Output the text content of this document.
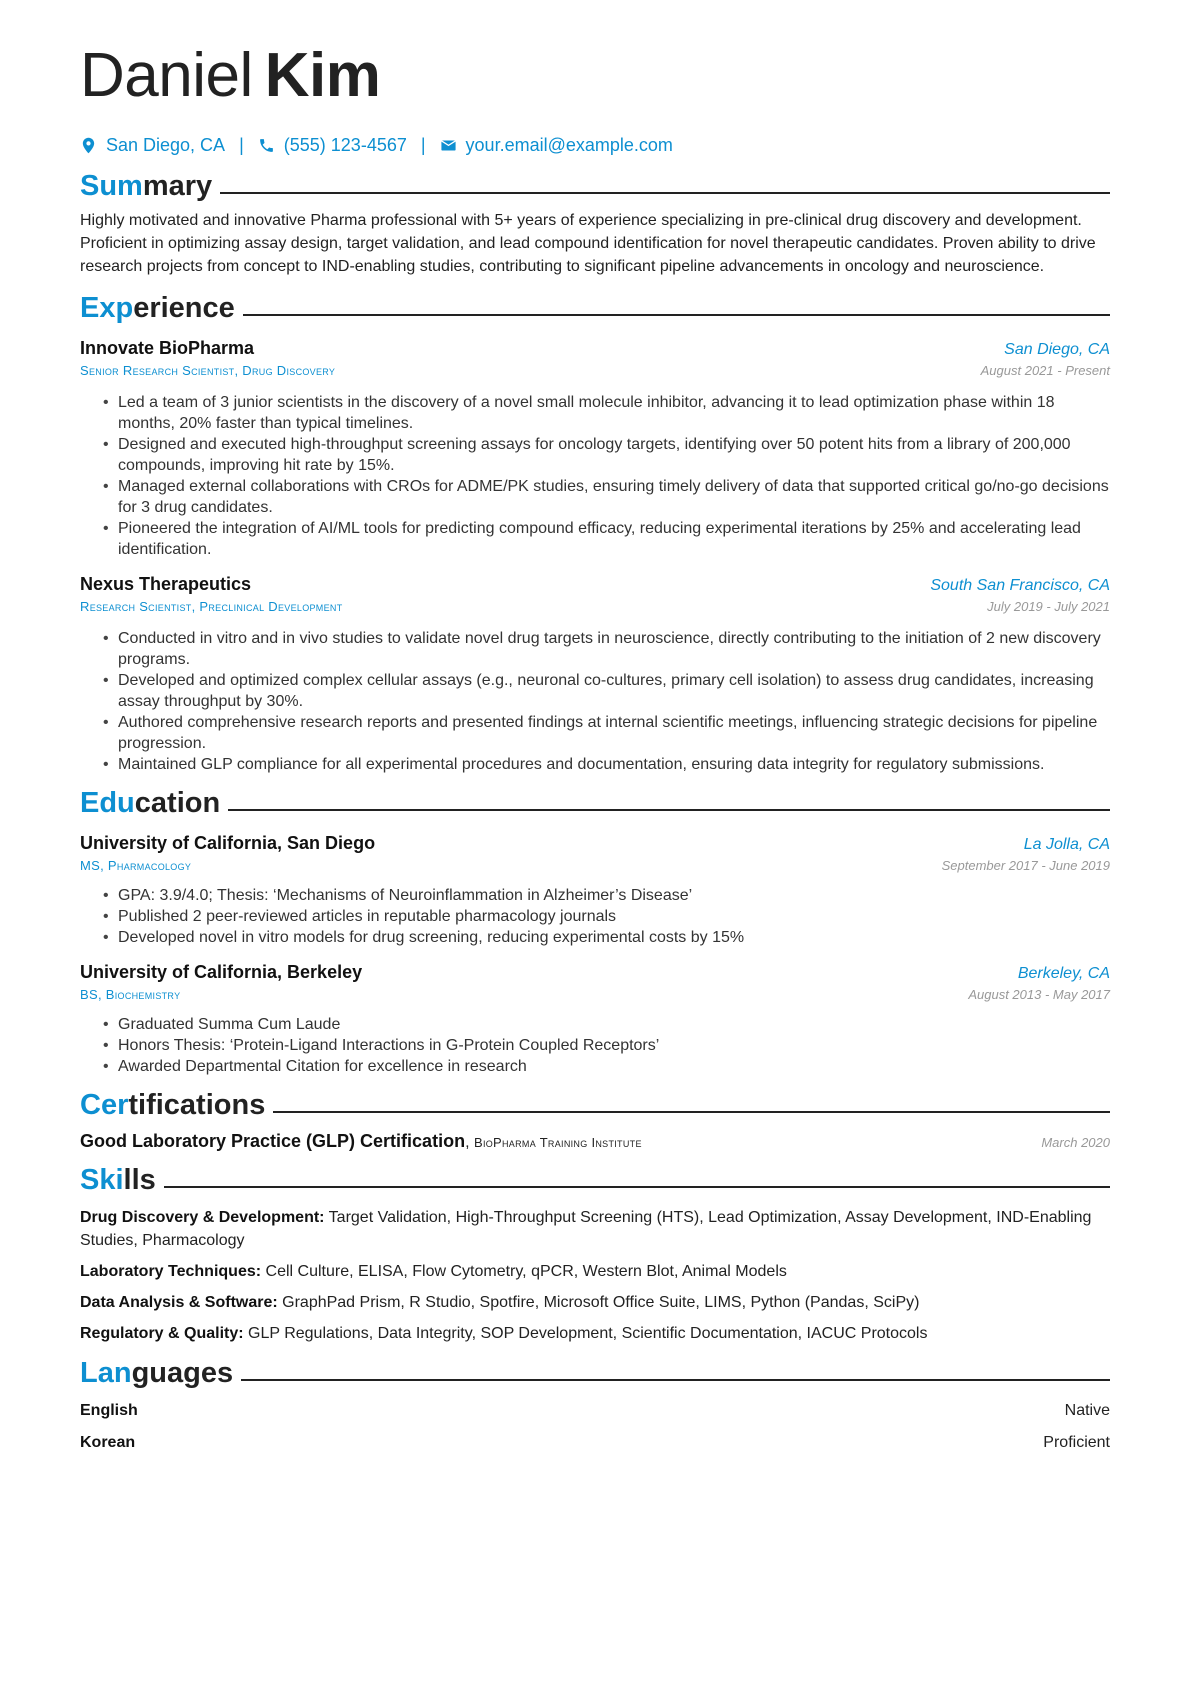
Daniel Kim
San Diego, CA | (555) 123-4567 | your.email@example.com
Summary
Highly motivated and innovative Pharma professional with 5+ years of experience specializing in pre-clinical drug discovery and development. Proficient in optimizing assay design, target validation, and lead compound identification for novel therapeutic candidates. Proven ability to drive research projects from concept to IND-enabling studies, contributing to significant pipeline advancements in oncology and neuroscience.
Experience
Innovate BioPharma	San Diego, CA
Senior Research Scientist, Drug Discovery	August 2021 - Present
• Led a team of 3 junior scientists in the discovery of a novel small molecule inhibitor, advancing it to lead optimization phase within 18 months, 20% faster than typical timelines.
• Designed and executed high-throughput screening assays for oncology targets, identifying over 50 potent hits from a library of 200,000 compounds, improving hit rate by 15%.
• Managed external collaborations with CROs for ADME/PK studies, ensuring timely delivery of data that supported critical go/no-go decisions for 3 drug candidates.
• Pioneered the integration of AI/ML tools for predicting compound efficacy, reducing experimental iterations by 25% and accelerating lead identification.
Nexus Therapeutics	South San Francisco, CA
Research Scientist, Preclinical Development	July 2019 - July 2021
• Conducted in vitro and in vivo studies to validate novel drug targets in neuroscience, directly contributing to the initiation of 2 new discovery programs.
• Developed and optimized complex cellular assays (e.g., neuronal co-cultures, primary cell isolation) to assess drug candidates, increasing assay throughput by 30%.
• Authored comprehensive research reports and presented findings at internal scientific meetings, influencing strategic decisions for pipeline progression.
• Maintained GLP compliance for all experimental procedures and documentation, ensuring data integrity for regulatory submissions.
Education
University of California, San Diego	La Jolla, CA
MS, Pharmacology	September 2017 - June 2019
• GPA: 3.9/4.0; Thesis: ‘Mechanisms of Neuroinflammation in Alzheimer’s Disease’
• Published 2 peer-reviewed articles in reputable pharmacology journals
• Developed novel in vitro models for drug screening, reducing experimental costs by 15%
University of California, Berkeley	Berkeley, CA
BS, Biochemistry	August 2013 - May 2017
• Graduated Summa Cum Laude
• Honors Thesis: ‘Protein-Ligand Interactions in G-Protein Coupled Receptors’
• Awarded Departmental Citation for excellence in research
Certifications
Good Laboratory Practice (GLP) Certification, BioPharma Training Institute	March 2020
Skills
Drug Discovery & Development: Target Validation, High-Throughput Screening (HTS), Lead Optimization, Assay Development, IND-Enabling Studies, Pharmacology
Laboratory Techniques: Cell Culture, ELISA, Flow Cytometry, qPCR, Western Blot, Animal Models
Data Analysis & Software: GraphPad Prism, R Studio, Spotfire, Microsoft Office Suite, LIMS, Python (Pandas, SciPy)
Regulatory & Quality: GLP Regulations, Data Integrity, SOP Development, Scientific Documentation, IACUC Protocols
Languages
English	Native
Korean	Proficient
